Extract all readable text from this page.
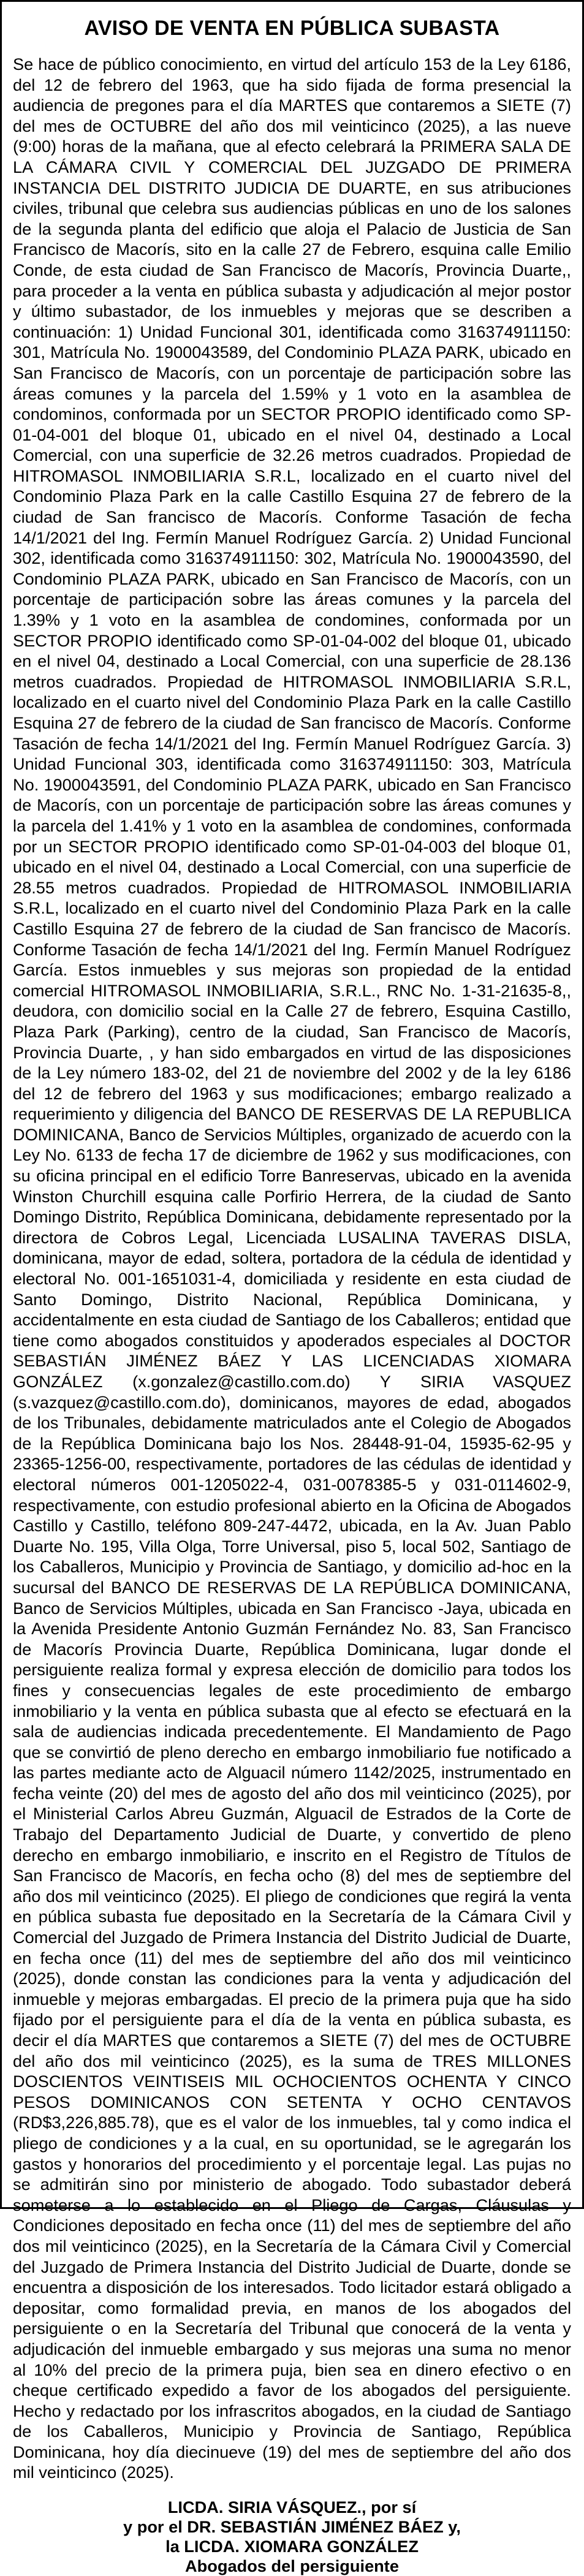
AVISO DE VENTA EN PÚBLICA SUBASTA
Se hace de público conocimiento, en virtud del artículo 153 de la Ley 6186, del 12 de febrero del 1963, que ha sido fijada de forma presencial la audiencia de pregones para el día MARTES que contaremos a SIETE (7) del mes de OCTUBRE del año dos mil veinticinco (2025), a las nueve (9:00) horas de la mañana, que al efecto celebrará la PRIMERA SALA DE LA CÁMARA CIVIL Y COMERCIAL DEL JUZGADO DE PRIMERA INSTANCIA DEL DISTRITO JUDICIA DE DUARTE, en sus atribuciones civiles, tribunal que celebra sus audiencias públicas en uno de los salones de la segunda planta del edificio que aloja el Palacio de Justicia de San Francisco de Macorís, sito en la calle 27 de Febrero, esquina calle Emilio Conde, de esta ciudad de San Francisco de Macorís, Provincia Duarte,, para proceder a la venta en pública subasta y adjudicación al mejor postor y último subastador, de los inmuebles y mejoras que se describen a continuación: 1) Unidad Funcional 301, identificada como 316374911150: 301, Matrícula No. 1900043589, del Condominio PLAZA PARK, ubicado en San Francisco de Macorís, con un porcentaje de participación sobre las áreas comunes y la parcela del 1.59% y 1 voto en la asamblea de condominos, conformada por un SECTOR PROPIO identificado como SP-01-04-001 del bloque 01, ubicado en el nivel 04, destinado a Local Comercial, con una superficie de 32.26 metros cuadrados. Propiedad de HITROMASOL INMOBILIARIA S.R.L, localizado en el cuarto nivel del Condominio Plaza Park en la calle Castillo Esquina 27 de febrero de la ciudad de San francisco de Macorís. Conforme Tasación de fecha 14/1/2021 del Ing. Fermín Manuel Rodríguez García. 2) Unidad Funcional 302, identificada como 316374911150: 302, Matrícula No. 1900043590, del Condominio PLAZA PARK, ubicado en San Francisco de Macorís, con un porcentaje de participación sobre las áreas comunes y la parcela del 1.39% y 1 voto en la asamblea de condomines, conformada por un SECTOR PROPIO identificado como SP-01-04-002 del bloque 01, ubicado en el nivel 04, destinado a Local Comercial, con una superficie de 28.136 metros cuadrados. Propiedad de HITROMASOL INMOBILIARIA S.R.L, localizado en el cuarto nivel del Condominio Plaza Park en la calle Castillo Esquina 27 de febrero de la ciudad de San francisco de Macorís. Conforme Tasación de fecha 14/1/2021 del Ing. Fermín Manuel Rodríguez García. 3) Unidad Funcional 303, identificada como 316374911150: 303, Matrícula No. 1900043591, del Condominio PLAZA PARK, ubicado en San Francisco de Macorís, con un porcentaje de participación sobre las áreas comunes y la parcela del 1.41% y 1 voto en la asamblea de condomines, conformada por un SECTOR PROPIO identificado como SP-01-04-003 del bloque 01, ubicado en el nivel 04, destinado a Local Comercial, con una superficie de 28.55 metros cuadrados. Propiedad de HITROMASOL INMOBILIARIA S.R.L, localizado en el cuarto nivel del Condominio Plaza Park en la calle Castillo Esquina 27 de febrero de la ciudad de San francisco de Macorís. Conforme Tasación de fecha 14/1/2021 del Ing. Fermín Manuel Rodríguez García. Estos inmuebles y sus mejoras son propiedad de la entidad comercial HITROMASOL INMOBILIARIA, S.R.L., RNC No. 1-31-21635-8,, deudora, con domicilio social en la Calle 27 de febrero, Esquina Castillo, Plaza Park (Parking), centro de la ciudad, San Francisco de Macorís, Provincia Duarte, , y han sido embargados en virtud de las disposiciones de la Ley número 183-02, del 21 de noviembre del 2002 y de la ley 6186 del 12 de febrero del 1963 y sus modificaciones; embargo realizado a requerimiento y diligencia del BANCO DE RESERVAS DE LA REPUBLICA DOMINICANA, Banco de Servicios Múltiples, organizado de acuerdo con la Ley No. 6133 de fecha 17 de diciembre de 1962 y sus modificaciones, con su oficina principal en el edificio Torre Banreservas, ubicado en la avenida Winston Churchill esquina calle Porfirio Herrera, de la ciudad de Santo Domingo Distrito, República Dominicana, debidamente representado por la directora de Cobros Legal, Licenciada LUSALINA TAVERAS DISLA, dominicana, mayor de edad, soltera, portadora de la cédula de identidad y electoral No. 001-1651031-4, domiciliada y residente en esta ciudad de Santo Domingo, Distrito Nacional, República Dominicana, y accidentalmente en esta ciudad de Santiago de los Caballeros; entidad que tiene como abogados constituidos y apoderados especiales al DOCTOR SEBASTIÁN JIMÉNEZ BÁEZ Y LAS LICENCIADAS XIOMARA GONZÁLEZ (x.gonzalez@castillo.com.do) Y SIRIA VASQUEZ (s.vazquez@castillo.com.do), dominicanos, mayores de edad, abogados de los Tribunales, debidamente matriculados ante el Colegio de Abogados de la República Dominicana bajo los Nos. 28448-91-04, 15935-62-95 y 23365-1256-00, respectivamente, portadores de las cédulas de identidad y electoral números 001-1205022-4, 031-0078385-5 y 031-0114602-9, respectivamente, con estudio profesional abierto en la Oficina de Abogados Castillo y Castillo, teléfono 809-247-4472, ubicada, en la Av. Juan Pablo Duarte No. 195, Villa Olga, Torre Universal, piso 5, local 502, Santiago de los Caballeros, Municipio y Provincia de Santiago, y domicilio ad-hoc en la sucursal del BANCO DE RESERVAS DE LA REPÚBLICA DOMINICANA, Banco de Servicios Múltiples, ubicada en San Francisco -Jaya, ubicada en la Avenida Presidente Antonio Guzmán Fernández No. 83, San Francisco de Macorís Provincia Duarte, República Dominicana, lugar donde el persiguiente realiza formal y expresa elección de domicilio para todos los fines y consecuencias legales de este procedimiento de embargo inmobiliario y la venta en pública subasta que al efecto se efectuará en la sala de audiencias indicada precedentemente. El Mandamiento de Pago que se convirtió de pleno derecho en embargo inmobiliario fue notificado a las partes mediante acto de Alguacil número 1142/2025, instrumentado en fecha veinte (20) del mes de agosto del año dos mil veinticinco (2025), por el Ministerial Carlos Abreu Guzmán, Alguacil de Estrados de la Corte de Trabajo del Departamento Judicial de Duarte, y convertido de pleno derecho en embargo inmobiliario, e inscrito en el Registro de Títulos de San Francisco de Macorís, en fecha ocho (8) del mes de septiembre del año dos mil veinticinco (2025). El pliego de condiciones que regirá la venta en pública subasta fue depositado en la Secretaría de la Cámara Civil y Comercial del Juzgado de Primera Instancia del Distrito Judicial de Duarte, en fecha once (11) del mes de septiembre del año dos mil veinticinco (2025), donde constan las condiciones para la venta y adjudicación del inmueble y mejoras embargadas. El precio de la primera puja que ha sido fijado por el persiguiente para el día de la venta en pública subasta, es decir el día MARTES que contaremos a SIETE (7) del mes de OCTUBRE del año dos mil veinticinco (2025), es la suma de TRES MILLONES DOSCIENTOS VEINTISEIS MIL OCHOCIENTOS OCHENTA Y CINCO PESOS DOMINICANOS CON SETENTA Y OCHO CENTAVOS (RD$3,226,885.78), que es el valor de los inmuebles, tal y como indica el pliego de condiciones y a la cual, en su oportunidad, se le agregarán los gastos y honorarios del procedimiento y el porcentaje legal. Las pujas no se admitirán sino por ministerio de abogado. Todo subastador deberá someterse a lo establecido en el Pliego de Cargas, Cláusulas y Condiciones depositado en fecha once (11) del mes de septiembre del año dos mil veinticinco (2025), en la Secretaría de la Cámara Civil y Comercial del Juzgado de Primera Instancia del Distrito Judicial de Duarte, donde se encuentra a disposición de los interesados. Todo licitador estará obligado a depositar, como formalidad previa, en manos de los abogados del persiguiente o en la Secretaría del Tribunal que conocerá de la venta y adjudicación del inmueble embargado y sus mejoras una suma no menor al 10% del precio de la primera puja, bien sea en dinero efectivo o en cheque certificado expedido a favor de los abogados del persiguiente. Hecho y redactado por los infrascritos abogados, en la ciudad de Santiago de los Caballeros, Municipio y Provincia de Santiago, República Dominicana, hoy día diecinueve (19) del mes de septiembre del año dos mil veinticinco (2025).
LICDA. SIRIA VÁSQUEZ., por sí
y por el DR. SEBASTIÁN JIMÉNEZ BÁEZ y,
la LICDA. XIOMARA GONZÁLEZ
Abogados del persiguiente
